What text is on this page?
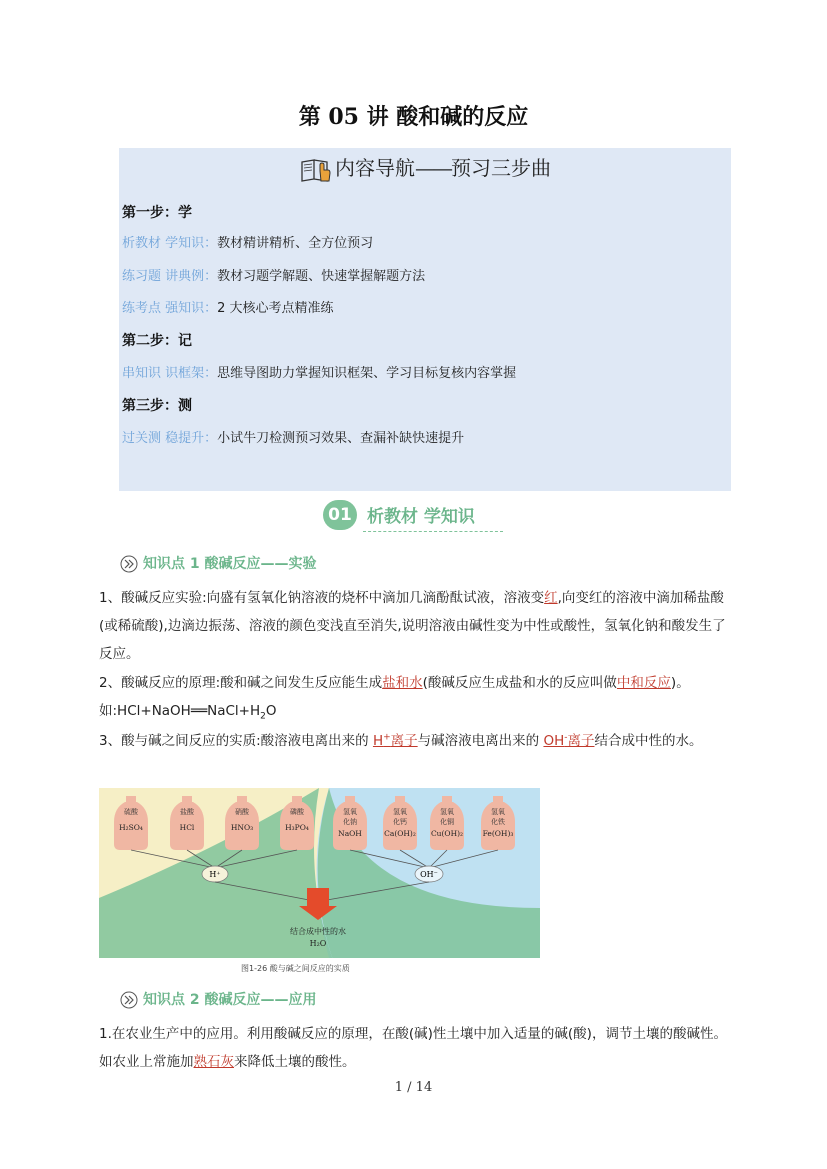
第 05 讲 酸和碱的反应
内容导航——预习三步曲
第一步：学
析教材 学知识：教材精讲精析、全方位预习
练习题 讲典例：教材习题学解题、快速掌握解题方法
练考点 强知识：2 大核心考点精准练
第二步：记
串知识 识框架：思维导图助力掌握知识框架、学习目标复核内容掌握
第三步：测
过关测 稳提升：小试牛刀检测预习效果、查漏补缺快速提升
01 析教材 学知识
知识点 1 酸碱反应——实验
1、酸碱反应实验:向盛有氢氧化钠溶液的烧杯中滴加几滴酚酞试液，溶液变红,向变红的溶液中滴加稀盐酸(或稀硫酸),边滴边振荡、溶液的颜色变浅直至消失,说明溶液由碱性变为中性或酸性，氢氧化钠和酸发生了反应。
2、酸碱反应的原理:酸和碱之间发生反应能生成盐和水(酸碱反应生成盐和水的反应叫做中和反应)。如$:HCl+NaOH══NaCl+H_2O$
3、酸与碱之间反应的实质:酸溶液电离出来的 H+离子与碱溶液电离出来的 OH-离子结合成中性的水。
硫酸
H₂SO₄
盐酸
HCl
硝酸
HNO₃
磷酸
H₃PO₄
氢氧
化钠
NaOH
氢氧
化钙
Ca(OH)₂
氢氧
化铜
Cu(OH)₂
氢氧
化铁
Fe(OH)₃
H⁺	OH⁻
结合成中性的水
H₂O
图1-26 酸与碱之间反应的实质
知识点 2 酸碱反应——应用
1.在农业生产中的应用。利用酸碱反应的原理，在酸(碱)性土壤中加入适量的碱(酸)，调节土壤的酸碱性。如农业上常施加熟石灰来降低土壤的酸性。
1 / 14
